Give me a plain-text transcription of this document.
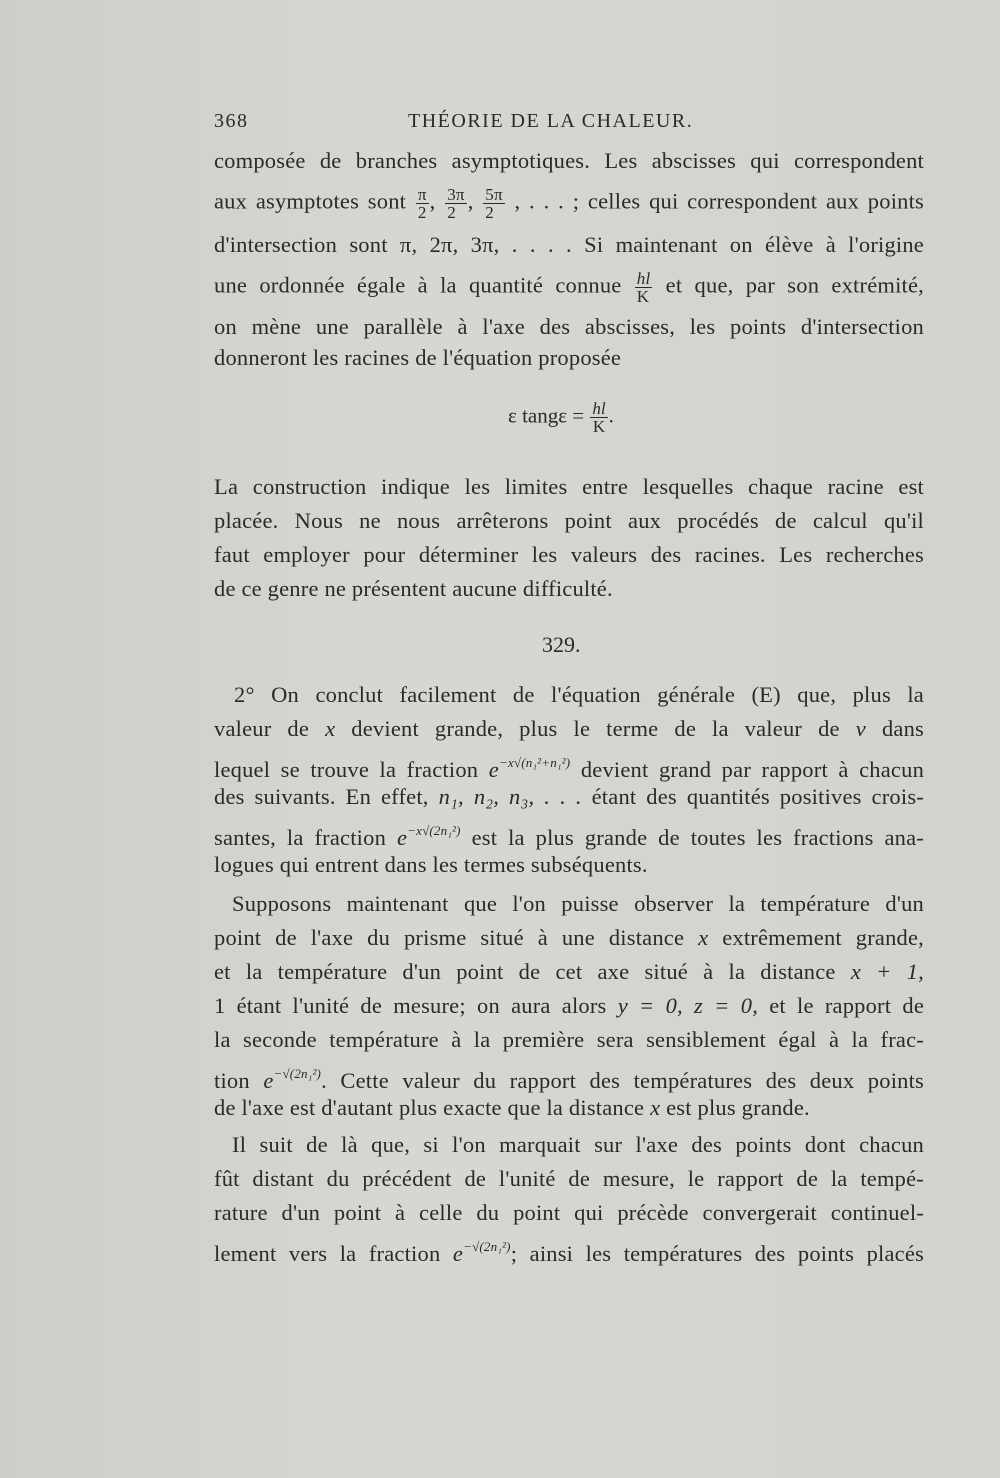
368	THÉORIE DE LA CHALEUR.
composée de branches asymptotiques. Les abscisses qui correspondent
aux asymptotes sont $\frac{\pi}{2}$ , $\frac{3\pi}{2}$ , $\frac{5\pi}{2}$ , . . . ; celles qui correspondent aux points
d'intersection sont π, 2π, 3π, . . . . Si maintenant on élève à l'origine
une ordonnée égale à la quantité connue $\frac{hl}{K}$ et que, par son extrémité,
on mène une parallèle à l'axe des abscisses, les points d'intersection
donneront les racines de l'équation proposée
ε $\tan g\varepsilon = \frac{hl}{K}$ .
La construction indique les limites entre lesquelles chaque racine est
placée. Nous ne nous arrêterons point aux procédés de calcul qu'il
faut employer pour déterminer les valeurs des racines. Les recherches
de ce genre ne présentent aucune difficulté.
329.
2° On conclut facilement de l'équation générale (E) que, plus la
valeur de x devient grande, plus le terme de la valeur de v dans
lequel se trouve la fraction $e^{-x√(n_1^2+n_1^2)}$ devient grand par rapport à chacun
des suivants. En effet, n₁, n₂, n₃, . . . étant des quantités positives crois-
santes, la fraction $e^{-x√(2n_1^2)}$ est la plus grande de toutes les fractions ana-
logues qui entrent dans les termes subséquents.
Supposons maintenant que l'on puisse observer la température d'un
point de l'axe du prisme situé à une distance x extrêmement grande,
et la température d'un point de cet axe situé à la distance x + 1,
1 étant l'unité de mesure; on aura alors y = 0, z = 0, et le rapport de
la seconde température à la première sera sensiblement égal à la frac-
tion $e^{-√(2n_1^2)}$. Cette valeur du rapport des températures des deux points
de l'axe est d'autant plus exacte que la distance x est plus grande.
Il suit de là que, si l'on marquait sur l'axe des points dont chacun
fût distant du précédent de l'unité de mesure, le rapport de la tempé-
rature d'un point à celle du point qui précède convergerait continuel-
lement vers la fraction $e^{-√(2n_1^2)}$; ainsi les températures des points placés
